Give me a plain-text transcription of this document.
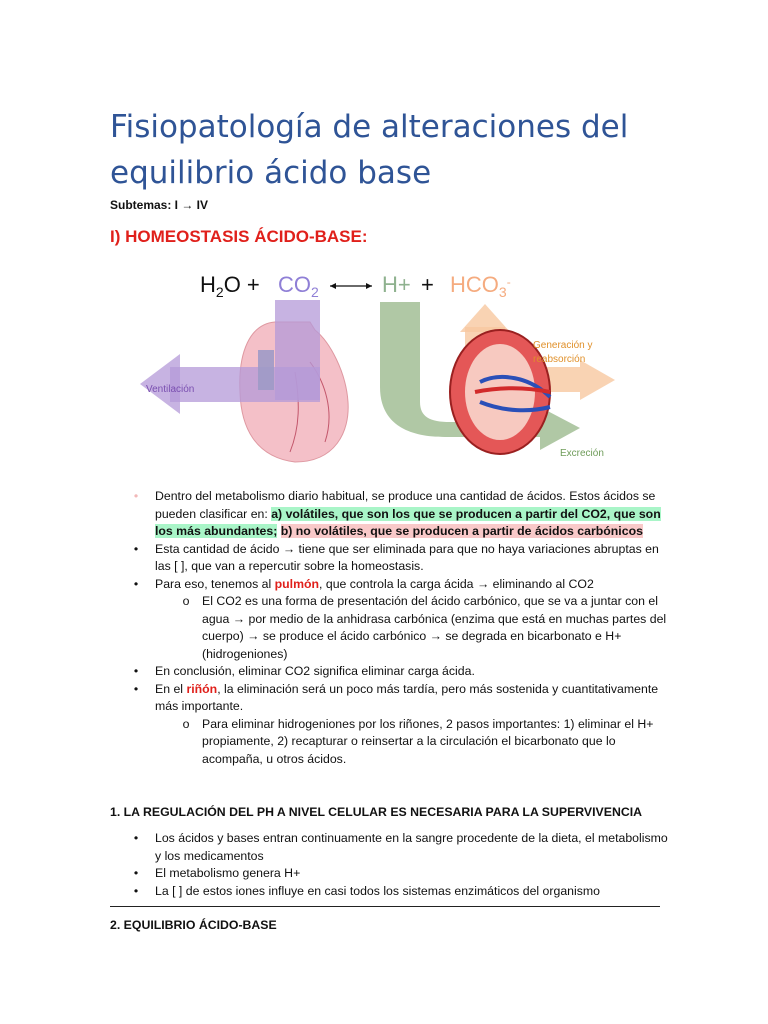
Fisiopatología de alteraciones del equilibrio ácido base
Subtemas: I → IV
I) HOMEOSTASIS ÁCIDO-BASE:
$H_2O + CO_2$	$H+ + HCO_3^-$
Ventilación
Generación y
reabsorción
Excreción
•	Dentro del metabolismo diario habitual, se produce una cantidad de ácidos. Estos ácidos se pueden clasificar en: a) volátiles, que son los que se producen a partir del CO2, que son los más abundantes; b) no volátiles, que se producen a partir de ácidos carbónicos
•	Esta cantidad de ácido → tiene que ser eliminada para que no haya variaciones abruptas en las [ ], que van a repercutir sobre la homeostasis.
•	Para eso, tenemos al pulmón, que controla la carga ácida → eliminando al CO2
o El CO2 es una forma de presentación del ácido carbónico, que se va a juntar con el agua → por medio de la anhidrasa carbónica (enzima que está en muchas partes del cuerpo) → se produce el ácido carbónico → se degrada en bicarbonato e H+ (hidrogeniones)
•	En conclusión, eliminar CO2 significa eliminar carga ácida.
•	En el riñón, la eliminación será un poco más tardía, pero más sostenida y cuantitativamente más importante.
o Para eliminar hidrogeniones por los riñones, 2 pasos importantes: 1) eliminar el H+ propiamente, 2) recapturar o reinsertar a la circulación el bicarbonato que lo acompaña, u otros ácidos.
1. LA REGULACIÓN DEL PH A NIVEL CELULAR ES NECESARIA PARA LA SUPERVIVENCIA
•	Los ácidos y bases entran continuamente en la sangre procedente de la dieta, el metabolismo y los medicamentos
•	El metabolismo genera H+
•	La [ ] de estos iones influye en casi todos los sistemas enzimáticos del organismo
2. EQUILIBRIO ÁCIDO-BASE
